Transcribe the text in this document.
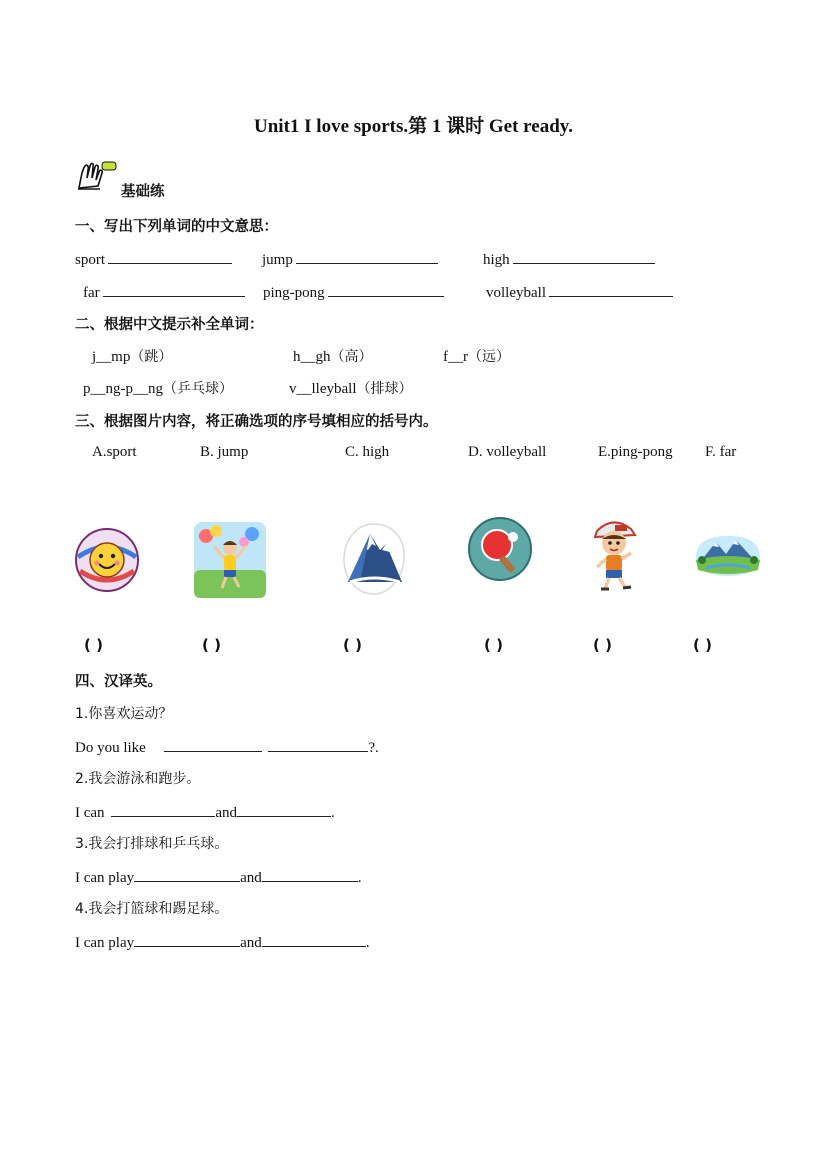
Unit1 I love sports.第 1 课时 Get ready.
基础练
一、写出下列单词的中文意思：
sport	jump	high
far	ping-pong	volleyball
二、根据中文提示补全单词：
j__mp（跳）	h__gh（高）	f__r（远）
p__ng-p__ng（乒乓球）	v__lleyball（排球）
三、根据图片内容，将正确选项的序号填相应的括号内。
A.sport	B. jump	C. high	D. volleyball	E.ping-pong F. far
( )	( )	( )	( )	( )	( )
四、汉译英。
1.你喜欢运动？
Do you like	?.
2.我会游泳和跑步。
I can	and	.
3.我会打排球和乒乓球。
I can play	and	.
4.我会打篮球和踢足球。
I can play	and	.
